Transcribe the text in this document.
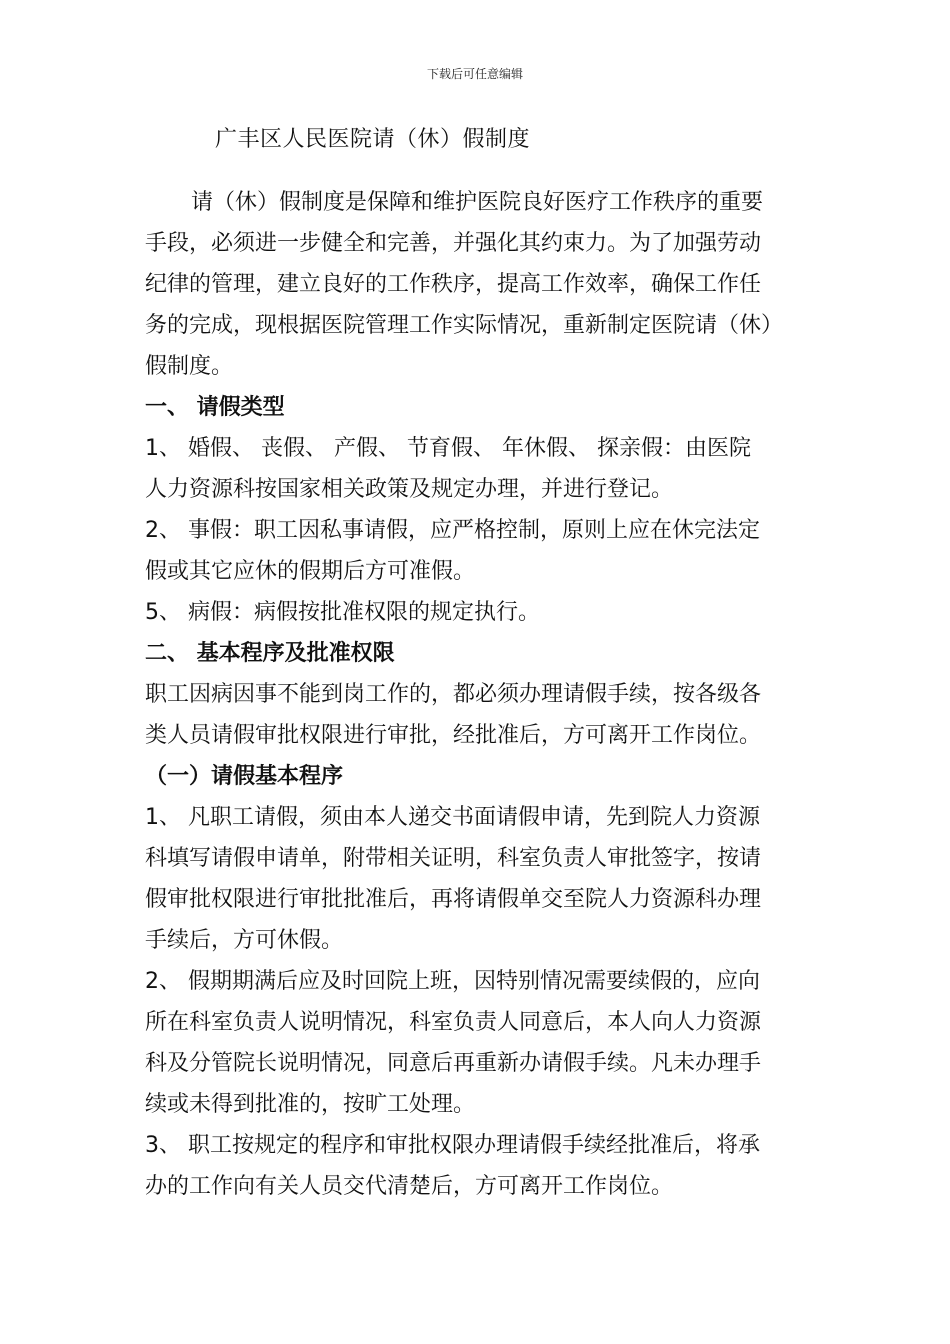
下载后可任意编辑
广丰区人民医院请（休）假制度
请（休）假制度是保障和维护医院良好医疗工作秩序的重要
手段，必须进一步健全和完善，并强化其约束力。为了加强劳动
纪律的管理，建立良好的工作秩序，提高工作效率，确保工作任
务的完成，现根据医院管理工作实际情况，重新制定医院请（休）
假制度。
一、 请假类型
1、 婚假、 丧假、 产假、 节育假、 年休假、 探亲假：由医院
人力资源科按国家相关政策及规定办理，并进行登记。
2、 事假：职工因私事请假，应严格控制，原则上应在休完法定
假或其它应休的假期后方可准假。
5、 病假：病假按批准权限的规定执行。
二、 基本程序及批准权限
职工因病因事不能到岗工作的，都必须办理请假手续，按各级各
类人员请假审批权限进行审批，经批准后，方可离开工作岗位。
（一）请假基本程序
1、 凡职工请假，须由本人递交书面请假申请，先到院人力资源
科填写请假申请单，附带相关证明，科室负责人审批签字，按请
假审批权限进行审批批准后，再将请假单交至院人力资源科办理
手续后，方可休假。
2、 假期期满后应及时回院上班，因特别情况需要续假的，应向
所在科室负责人说明情况，科室负责人同意后，本人向人力资源
科及分管院长说明情况，同意后再重新办请假手续。凡未办理手
续或未得到批准的，按旷工处理。
3、 职工按规定的程序和审批权限办理请假手续经批准后，将承
办的工作向有关人员交代清楚后，方可离开工作岗位。
